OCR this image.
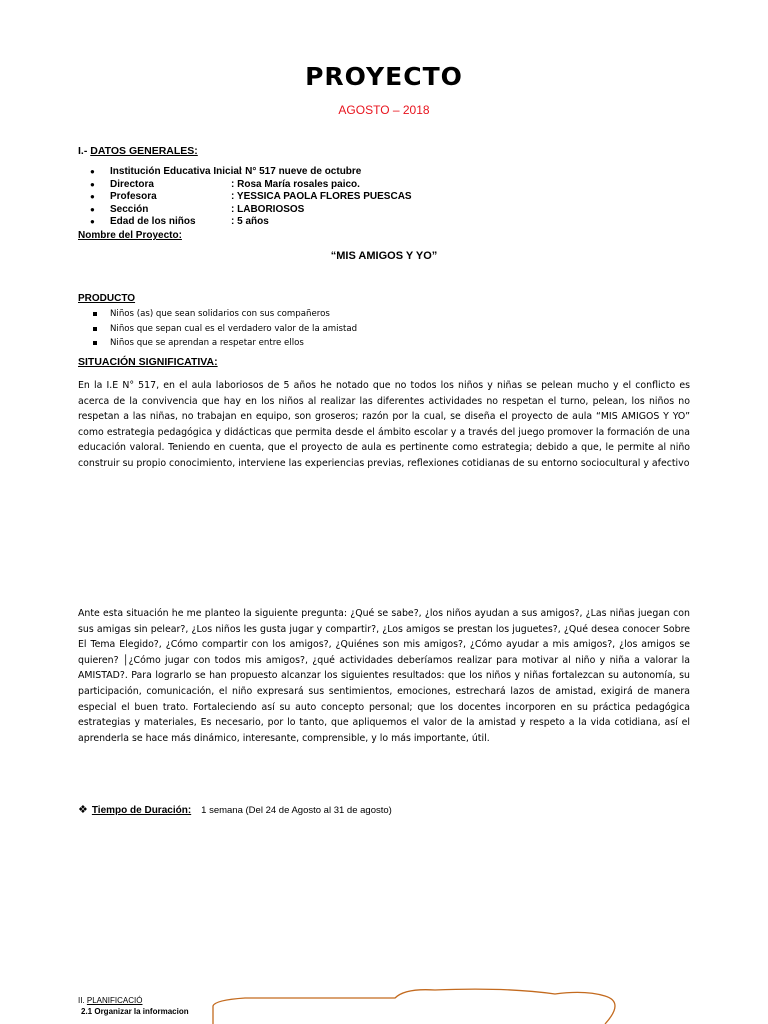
PROYECTO
AGOSTO – 2018
I.- DATOS GENERALES:
● Institución Educativa Inicial
: N° 517 nueve de octubre
● Directora	: Rosa María rosales paico.
● Profesora	: YESSICA PAOLA FLORES PUESCAS
● Sección	: LABORIOSOS
● Edad de los niños	: 5 años
Nombre del Proyecto:
“MIS AMIGOS Y YO”
PRODUCTO
Niños (as) que sean solidarios con sus compañeros
Niños que sepan cual es el verdadero valor de la amistad
Niños que se aprendan a respetar entre ellos
SITUACIÓN SIGNIFICATIVA:
En la I.E N° 517, en el aula laboriosos de 5 años he notado que no todos los niños y niñas se pelean mucho y el conflicto es acerca de la convivencia que hay en los niños al realizar las diferentes actividades no respetan el turno, pelean, los niños no respetan a las niñas, no trabajan en equipo, son groseros; razón por la cual, se diseña el proyecto de aula “MIS AMIGOS Y YO” como estrategia pedagógica y didácticas que permita desde el ámbito escolar y a través del juego promover la formación de una educación valoral. Teniendo en cuenta, que el proyecto de aula es pertinente como estrategia; debido a que, le permite al niño construir su propio conocimiento, interviene las experiencias previas, reflexiones cotidianas de su entorno sociocultural y afectivo
Ante esta situación he me planteo la siguiente pregunta: ¿Qué se sabe?, ¿los niños ayudan a sus amigos?, ¿Las niñas juegan con sus amigas sin pelear?, ¿Los niños les gusta jugar y compartir?, ¿Los amigos se prestan los juguetes?, ¿Qué desea conocer Sobre El Tema Elegido?, ¿Cómo compartir con los amigos?, ¿Quiénes son mis amigos?, ¿Cómo ayudar a mis amigos?, ¿los amigos se quieren? │¿Cómo jugar con todos mis amigos?, ¿qué actividades deberíamos realizar para motivar al niño y niña a valorar la AMISTAD?. Para lograrlo se han propuesto alcanzar los siguientes resultados: que los niños y niñas fortalezcan su autonomía, su participación, comunicación, el niño expresará sus sentimientos, emociones, estrechará lazos de amistad, exigirá de manera especial el buen trato. Fortaleciendo así su auto concepto personal; que los docentes incorporen en su práctica pedagógica estrategias y materiales, Es necesario, por lo tanto, que apliquemos el valor de la amistad y respeto a la vida cotidiana, así el aprenderla se hace más dinámico, interesante, comprensible, y lo más importante, útil.
❖ Tiempo de Duración: 1 semana (Del 24 de Agosto al 31 de agosto)
II. PLANIFICACIÓ
2.1 Organizar la informacion
